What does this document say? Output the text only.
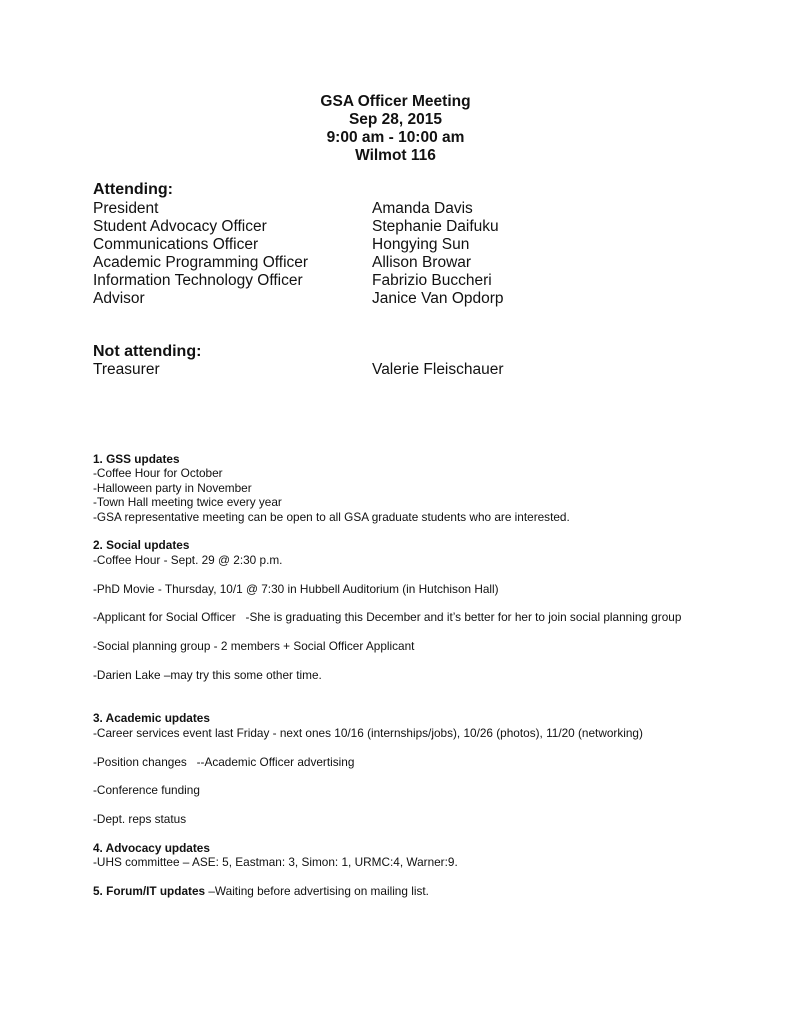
GSA Officer Meeting
Sep 28, 2015
9:00 am - 10:00 am
Wilmot 116
Attending:
President	Amanda Davis
Student Advocacy Officer	Stephanie Daifuku
Communications Officer	Hongying Sun
Academic Programming Officer	Allison Browar
Information Technology Officer	Fabrizio Buccheri
Advisor	Janice Van Opdorp
Not attending:
Treasurer	Valerie Fleischauer
1. GSS updates
-Coffee Hour for October
-Halloween party in November
-Town Hall meeting twice every year
-GSA representative meeting can be open to all GSA graduate students who are interested.
2. Social updates
-Coffee Hour - Sept. 29 @ 2:30 p.m.

-PhD Movie - Thursday, 10/1 @ 7:30 in Hubbell Auditorium (in Hutchison Hall)

-Applicant for Social Officer   -She is graduating this December and it’s better for her to join social planning group

-Social planning group - 2 members + Social Officer Applicant

-Darien Lake –may try this some other time.

3. Academic updates
-Career services event last Friday - next ones 10/16 (internships/jobs), 10/26 (photos), 11/20 (networking)

-Position changes   --Academic Officer advertising

-Conference funding

-Dept. reps status
4. Advocacy updates
-UHS committee – ASE: 5, Eastman: 3, Simon: 1, URMC:4, Warner:9.
5. Forum/IT updates –Waiting before advertising on mailing list.
